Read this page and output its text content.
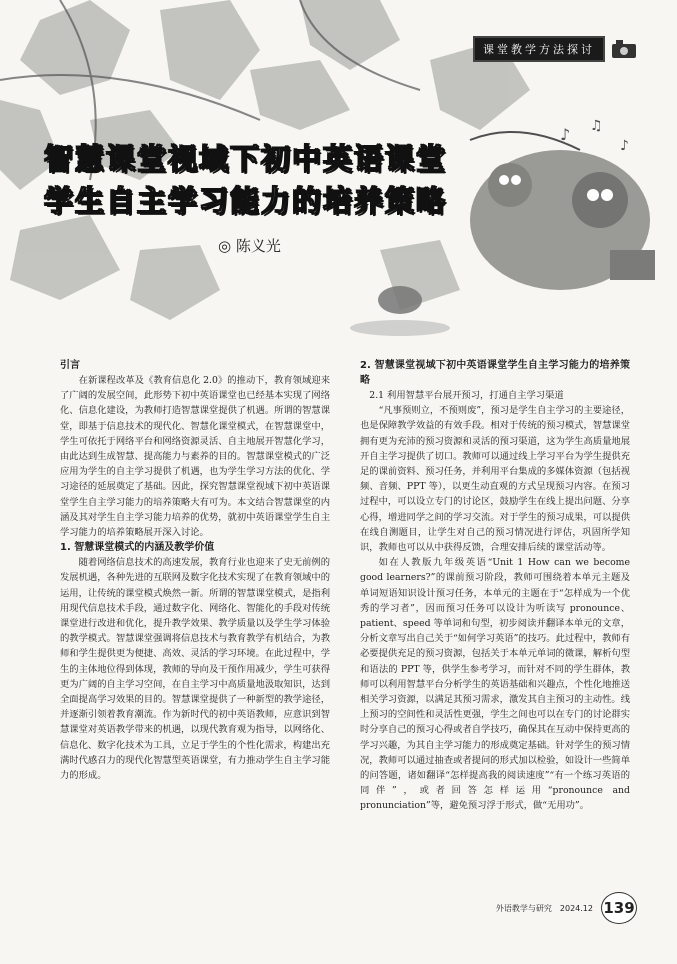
♪ ♫
♪
课堂教学方法探讨
智慧课堂视域下初中英语课堂
学生自主学习能力的培养策略
◎ 陈义光
引言

在新课程改革及《教育信息化 2.0》的推动下，教育领域迎来了广阔的发展空间，此形势下初中英语课堂也已经基本实现了网络化、信息化建设，为教师打造智慧课堂提供了机遇。所谓的智慧课堂，即基于信息技术的现代化、智慧化课堂模式，在智慧课堂中，学生可依托于网络平台和网络资源灵活、自主地展开智慧化学习，由此达到生成智慧、提高能力与素养的目的。智慧课堂模式的广泛应用为学生的自主学习提供了机遇，也为学生学习方法的优化、学习途径的延展奠定了基础。因此，探究智慧课堂视域下初中英语课堂学生自主学习能力的培养策略大有可为。本文结合智慧课堂的内涵及其对学生自主学习能力培养的优势，就初中英语课堂学生自主学习能力的培养策略展开深入讨论。

1. 智慧课堂模式的内涵及教学价值

随着网络信息技术的高速发展，教育行业也迎来了史无前例的发展机遇，各种先进的互联网及数字化技术实现了在教育领域中的运用，让传统的课堂模式焕然一新。所谓的智慧课堂模式，是指利用现代信息技术手段，通过数字化、网络化、智能化的手段对传统课堂进行改进和优化，提升教学效果、教学质量以及学生学习体验的教学模式。智慧课堂强调将信息技术与教育教学有机结合，为教师和学生提供更为便捷、高效、灵活的学习环境。在此过程中，学生的主体地位得到体现，教师的导向及干预作用减少，学生可获得更为广阔的自主学习空间，在自主学习中高质量地汲取知识，达到全面提高学习效果的目的。智慧课堂提供了一种新型的教学途径，并逐渐引领着教育潮流。作为新时代的初中英语教师，应意识到智慧课堂对英语教学带来的机遇，以现代教育观为指导，以网络化、信息化、数字化技术为工具，立足于学生的个性化需求，构建出充满时代感召力的现代化智慧型英语课堂，有力推动学生自主学习能力的形成。

2. 智慧课堂视域下初中英语课堂学生自主学习能力的培养策略

2.1 利用智慧平台展开预习，打通自主学习渠道

“凡事预则立，不预则废”，预习是学生自主学习的主要途径，也是保障教学效益的有效手段。相对于传统的预习模式，智慧课堂拥有更为充沛的预习资源和灵活的预习渠道，这为学生高质量地展开自主学习提供了切口。教师可以通过线上学习平台为学生提供充足的课前资料、预习任务，并利用平台集成的多媒体资源（包括视频、音频、PPT 等），以更生动直观的方式呈现预习内容。在预习过程中，可以设立专门的讨论区，鼓励学生在线上提出问题、分享心得，增进同学之间的学习交流。对于学生的预习成果，可以提供在线自测题目，让学生对自己的预习情况进行评估，巩固所学知识，教师也可以从中获得反馈，合理安排后续的课堂活动等。

如在人教版九年级英语“Unit 1 How can we become good learners?”的课前预习阶段，教师可围绕着本单元主题及单词短语知识设计预习任务，本单元的主题在于“怎样成为一个优秀的学习者”，因而预习任务可以设计为听读写 pronounce、patient、speed 等单词和句型，初步阅读并翻译本单元的文章，分析文章写出自己关于“如何学习英语”的技巧。此过程中，教师有必要提供充足的预习资源，包括关于本单元单词的微课，解析句型和语法的 PPT 等，供学生参考学习，而针对不同的学生群体，教师可以利用智慧平台分析学生的英语基础和兴趣点，个性化地推送相关学习资源，以满足其预习需求，激发其自主预习的主动性。线上预习的空间性和灵活性更强，学生之间也可以在专门的讨论群实时分享自己的预习心得或者自学技巧，确保其在互动中保持更高的学习兴趣，为其自主学习能力的形成奠定基础。针对学生的预习情况，教师可以通过抽查或者提问的形式加以检验，如设计一些简单的问答题，诸如翻译“怎样提高我的阅读速度”“有一个练习英语的同伴”，或者回答怎样运用“pronounce and pronunciation”等，避免预习浮于形式，做“无用功”。

外语教学与研究 2024.12 139
